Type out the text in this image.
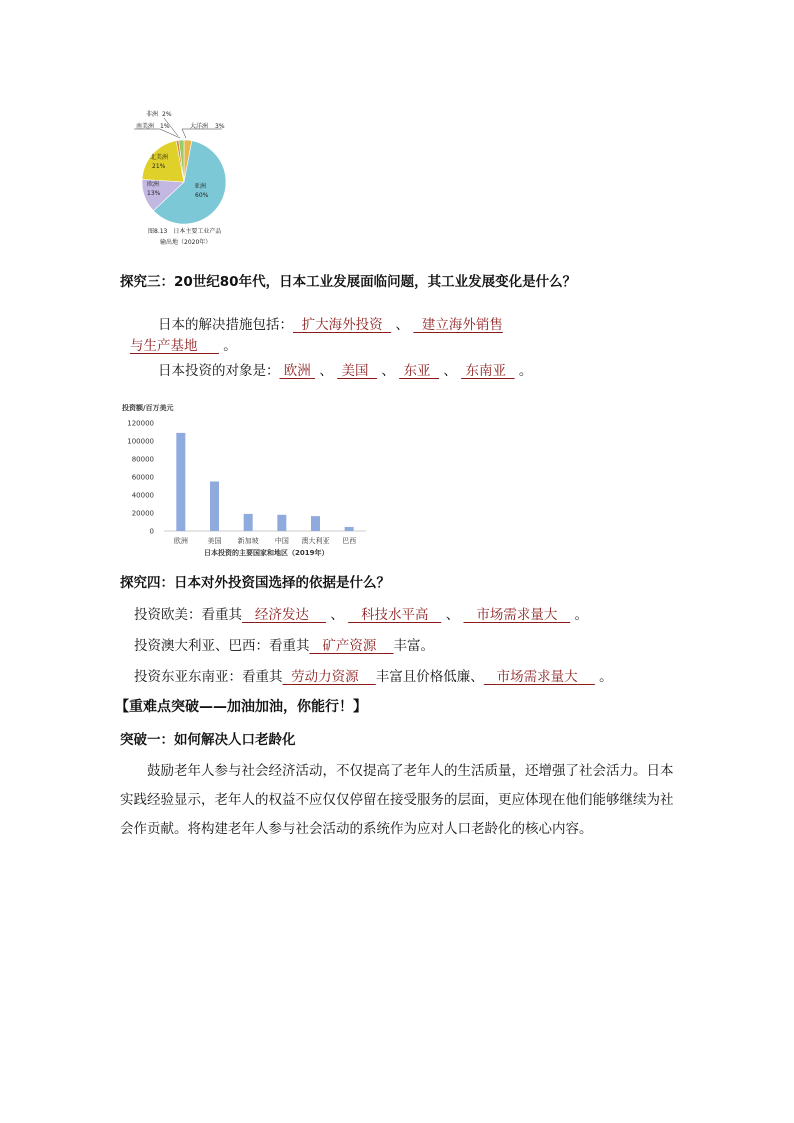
非洲 2%
南美洲 1%	大洋洲 3%
北美洲
21%
欧洲
13%
亚洲
60%
图8.13　日本主要工业产品
输出地（2020年）
探究三：20世纪80年代，日本工业发展面临问题，其工业发展变化是什么？
日本的解决措施包括： 扩大海外投资 、 建立海外销售
与生产基地 。
日本投资的对象是： 欧洲 、 美国 、 东亚 、 东南亚 。
投资额/百万美元
0
20000
40000
60000
80000
100000
120000
欧洲	美国 新加坡 中国 澳大利亚 巴西
日本投资的主要国家和地区（2019年）
探究四：日本对外投资国选择的依据是什么？
投资欧美：看重其 经济发达 、 科技水平高 、 市场需求量大 。
投资澳大利亚、巴西：看重其 矿产资源 丰富。
投资东亚东南亚：看重其 劳动力资源 丰富且价格低廉、 市场需求量大 。
【重难点突破——加油加油，你能行！】
突破一：如何解决人口老龄化
鼓励老年人参与社会经济活动，不仅提高了老年人的生活质量，还增强了社会活力。日本实践经验显示，老年人的权益不应仅仅停留在接受服务的层面，更应体现在他们能够继续为社会作贡献。将构建老年人参与社会活动的系统作为应对人口老龄化的核心内容。
